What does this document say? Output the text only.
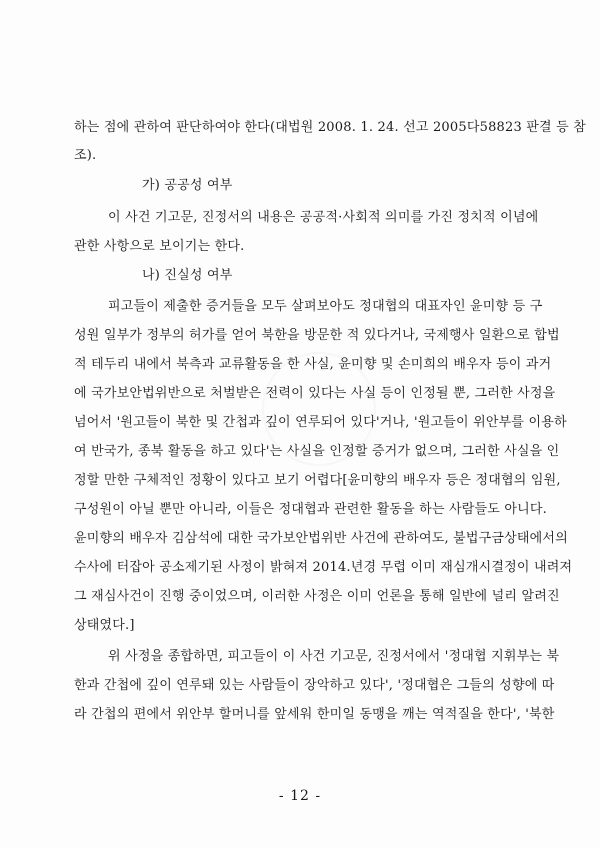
하는 점에 관하여 판단하여야 한다(대법원 2008. 1. 24. 선고 2005다58823 판결 등 참
조).
가) 공공성 여부
이 사건 기고문, 진정서의 내용은 공공적·사회적 의미를 가진 정치적 이념에
관한 사항으로 보이기는 한다.
나) 진실성 여부
피고들이 제출한 증거들을 모두 살펴보아도 정대협의 대표자인 윤미향 등 구
성원 일부가 정부의 허가를 얻어 북한을 방문한 적 있다거나, 국제행사 일환으로 합법
적 테두리 내에서 북측과 교류활동을 한 사실, 윤미향 및 손미희의 배우자 등이 과거
에 국가보안법위반으로 처벌받은 전력이 있다는 사실 등이 인정될 뿐, 그러한 사정을
넘어서 '원고들이 북한 및 간첩과 깊이 연루되어 있다'거나, '원고들이 위안부를 이용하
여 반국가, 종북 활동을 하고 있다'는 사실을 인정할 증거가 없으며, 그러한 사실을 인
정할 만한 구체적인 정황이 있다고 보기 어렵다[윤미향의 배우자 등은 정대협의 임원,
구성원이 아닐 뿐만 아니라, 이들은 정대협과 관련한 활동을 하는 사람들도 아니다.
윤미향의 배우자 김삼석에 대한 국가보안법위반 사건에 관하여도, 불법구금상태에서의
수사에 터잡아 공소제기된 사정이 밝혀져 2014.년경 무렵 이미 재심개시결정이 내려져
그 재심사건이 진행 중이었으며, 이러한 사정은 이미 언론을 통해 일반에 널리 알려진
상태였다.]
위 사정을 종합하면, 피고들이 이 사건 기고문, 진정서에서 '정대협 지휘부는 북
한과 간첩에 깊이 연루돼 있는 사람들이 장악하고 있다', '정대협은 그들의 성향에 따
라 간첩의 편에서 위안부 할머니를 앞세워 한미일 동맹을 깨는 역적질을 한다', '북한
- 12 -
